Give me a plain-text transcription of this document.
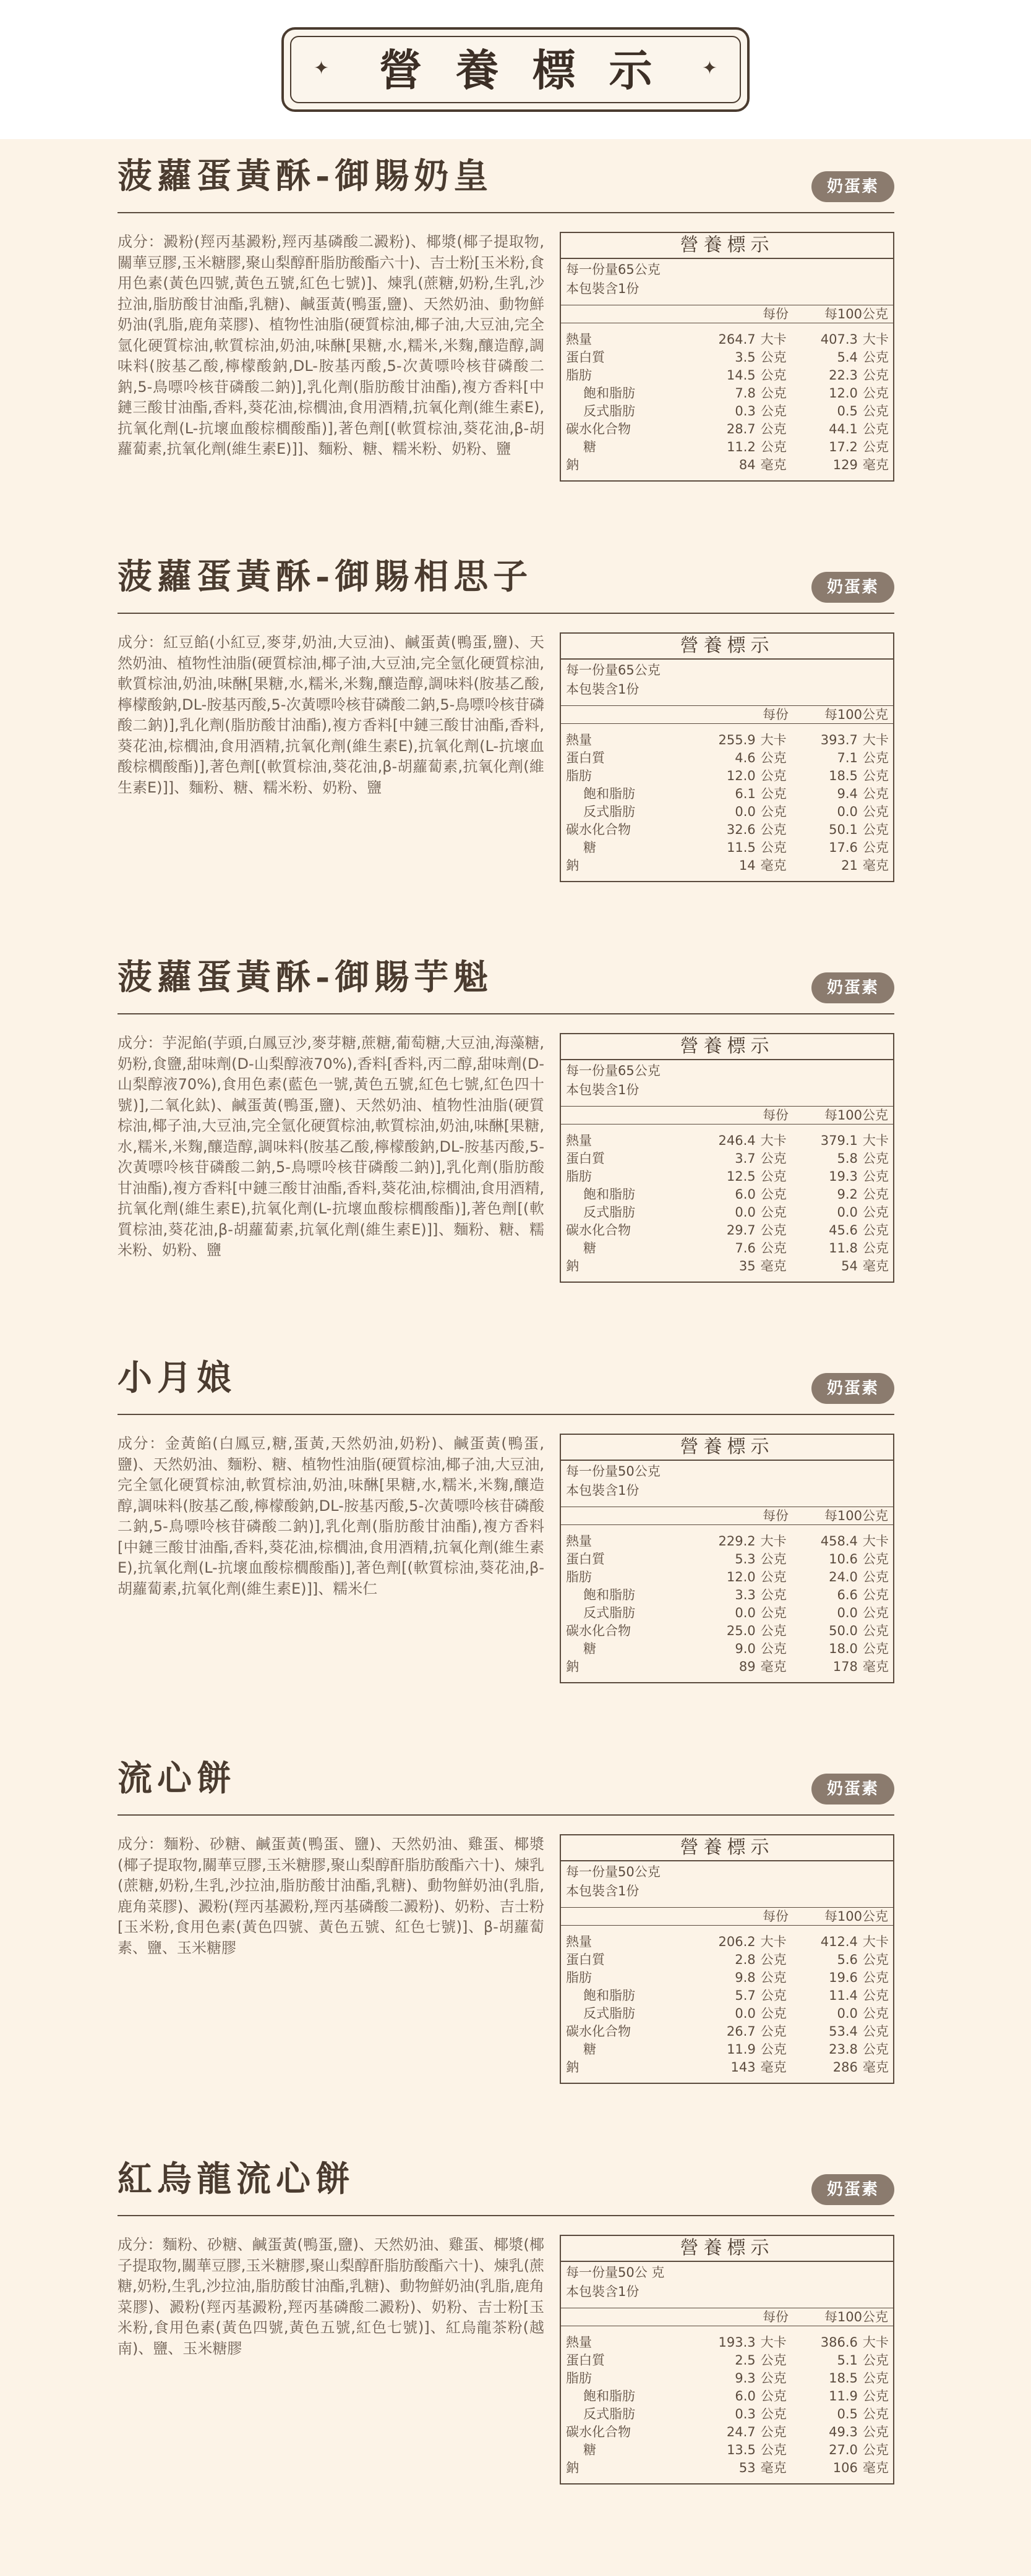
✦	營養標示 ✦
菠蘿蛋黃酥-御賜奶皇	奶蛋素
成分：澱粉(羥丙基澱粉,羥丙基磷酸二澱粉)、椰漿(椰子提取物,關華豆膠,玉米糖膠,聚山梨醇酐脂肪酸酯六十)、吉士粉[玉米粉,食用色素(黃色四號,黃色五號,紅色七號)]、煉乳(蔗糖,奶粉,生乳,沙拉油,脂肪酸甘油酯,乳糖)、鹹蛋黃(鴨蛋,鹽)、天然奶油、動物鮮奶油(乳脂,鹿角菜膠)、植物性油脂(硬質棕油,椰子油,大豆油,完全氫化硬質棕油,軟質棕油,奶油,味醂[果糖,水,糯米,米麴,釀造醇,調味料(胺基乙酸,檸檬酸鈉,DL-胺基丙酸,5-次黃嘌呤核苷磷酸二鈉,5-鳥嘌呤核苷磷酸二鈉)],乳化劑(脂肪酸甘油酯),複方香料[中鏈三酸甘油酯,香料,葵花油,棕櫚油,食用酒精,抗氧化劑(維生素E),抗氧化劑(L-抗壞血酸棕櫚酸酯)],著色劑[(軟質棕油,葵花油,β-胡蘿蔔素,抗氧化劑(維生素E)]]、麵粉、糖、糯米粉、奶粉、鹽
營養標示
每一份量65公克
本包裝含1份
每份	每100公克
熱量	264.7 大卡	407.3 大卡
蛋白質	3.5 公克	5.4 公克
脂肪	14.5 公克	22.3 公克
飽和脂肪	7.8 公克	12.0 公克
反式脂肪	0.3 公克	0.5 公克
碳水化合物	28.7 公克	44.1 公克
糖	11.2 公克	17.2 公克
鈉	84 毫克	129 毫克
菠蘿蛋黃酥-御賜相思子	奶蛋素
成分：紅豆餡(小紅豆,麥芽,奶油,大豆油)、鹹蛋黃(鴨蛋,鹽)、天然奶油、植物性油脂(硬質棕油,椰子油,大豆油,完全氫化硬質棕油,軟質棕油,奶油,味醂[果糖,水,糯米,米麴,釀造醇,調味料(胺基乙酸,檸檬酸鈉,DL-胺基丙酸,5-次黃嘌呤核苷磷酸二鈉,5-鳥嘌呤核苷磷酸二鈉)],乳化劑(脂肪酸甘油酯),複方香料[中鏈三酸甘油酯,香料,葵花油,棕櫚油,食用酒精,抗氧化劑(維生素E),抗氧化劑(L-抗壞血酸棕櫚酸酯)],著色劑[(軟質棕油,葵花油,β-胡蘿蔔素,抗氧化劑(維生素E)]]、麵粉、糖、糯米粉、奶粉、鹽
營養標示
每一份量65公克
本包裝含1份
每份	每100公克
熱量	255.9 大卡	393.7 大卡
蛋白質	4.6 公克	7.1 公克
脂肪	12.0 公克	18.5 公克
飽和脂肪	6.1 公克	9.4 公克
反式脂肪	0.0 公克	0.0 公克
碳水化合物	32.6 公克	50.1 公克
糖	11.5 公克	17.6 公克
鈉	14 毫克	21 毫克
菠蘿蛋黃酥-御賜芋魁	奶蛋素
成分：芋泥餡(芋頭,白鳳豆沙,麥芽糖,蔗糖,葡萄糖,大豆油,海藻糖,奶粉,食鹽,甜味劑(D-山梨醇液70%),香料[香料,丙二醇,甜味劑(D-山梨醇液70%),食用色素(藍色一號,黃色五號,紅色七號,紅色四十號)],二氧化鈦)、鹹蛋黃(鴨蛋,鹽)、天然奶油、植物性油脂(硬質棕油,椰子油,大豆油,完全氫化硬質棕油,軟質棕油,奶油,味醂[果糖,水,糯米,米麴,釀造醇,調味料(胺基乙酸,檸檬酸鈉,DL-胺基丙酸,5-次黃嘌呤核苷磷酸二鈉,5-鳥嘌呤核苷磷酸二鈉)],乳化劑(脂肪酸甘油酯),複方香料[中鏈三酸甘油酯,香料,葵花油,棕櫚油,食用酒精,抗氧化劑(維生素E),抗氧化劑(L-抗壞血酸棕櫚酸酯)],著色劑[(軟質棕油,葵花油,β-胡蘿蔔素,抗氧化劑(維生素E)]]、麵粉、糖、糯米粉、奶粉、鹽
營養標示
每一份量65公克
本包裝含1份
每份	每100公克
熱量	246.4 大卡	379.1 大卡
蛋白質	3.7 公克	5.8 公克
脂肪	12.5 公克	19.3 公克
飽和脂肪	6.0 公克	9.2 公克
反式脂肪	0.0 公克	0.0 公克
碳水化合物	29.7 公克	45.6 公克
糖	7.6 公克	11.8 公克
鈉	35 毫克	54 毫克
小月娘	奶蛋素
成分：金黃餡(白鳳豆,糖,蛋黃,天然奶油,奶粉)、鹹蛋黃(鴨蛋,鹽)、天然奶油、麵粉、糖、植物性油脂(硬質棕油,椰子油,大豆油,完全氫化硬質棕油,軟質棕油,奶油,味醂[果糖,水,糯米,米麴,釀造醇,調味料(胺基乙酸,檸檬酸鈉,DL-胺基丙酸,5-次黃嘌呤核苷磷酸二鈉,5-鳥嘌呤核苷磷酸二鈉)],乳化劑(脂肪酸甘油酯),複方香料[中鏈三酸甘油酯,香料,葵花油,棕櫚油,食用酒精,抗氧化劑(維生素E),抗氧化劑(L-抗壞血酸棕櫚酸酯)],著色劑[(軟質棕油,葵花油,β-胡蘿蔔素,抗氧化劑(維生素E)]]、糯米仁
營養標示
每一份量50公克
本包裝含1份
每份	每100公克
熱量	229.2 大卡	458.4 大卡
蛋白質	5.3 公克	10.6 公克
脂肪	12.0 公克	24.0 公克
飽和脂肪	3.3 公克	6.6 公克
反式脂肪	0.0 公克	0.0 公克
碳水化合物	25.0 公克	50.0 公克
糖	9.0 公克	18.0 公克
鈉	89 毫克	178 毫克
流心餅	奶蛋素
成分：麵粉、砂糖、鹹蛋黃(鴨蛋、鹽)、天然奶油、雞蛋、椰漿(椰子提取物,關華豆膠,玉米糖膠,聚山梨醇酐脂肪酸酯六十)、煉乳(蔗糖,奶粉,生乳,沙拉油,脂肪酸甘油酯,乳糖)、動物鮮奶油(乳脂,鹿角菜膠)、澱粉(羥丙基澱粉,羥丙基磷酸二澱粉)、奶粉、吉士粉[玉米粉,食用色素(黃色四號、黃色五號、紅色七號)]、β-胡蘿蔔素、鹽、玉米糖膠
營養標示
每一份量50公克
本包裝含1份
每份	每100公克
熱量	206.2 大卡	412.4 大卡
蛋白質	2.8 公克	5.6 公克
脂肪	9.8 公克	19.6 公克
飽和脂肪	5.7 公克	11.4 公克
反式脂肪	0.0 公克	0.0 公克
碳水化合物	26.7 公克	53.4 公克
糖	11.9 公克	23.8 公克
鈉	143 毫克	286 毫克
紅烏龍流心餅	奶蛋素
成分：麵粉、砂糖、鹹蛋黃(鴨蛋,鹽)、天然奶油、雞蛋、椰漿(椰子提取物,關華豆膠,玉米糖膠,聚山梨醇酐脂肪酸酯六十)、煉乳(蔗糖,奶粉,生乳,沙拉油,脂肪酸甘油酯,乳糖)、動物鮮奶油(乳脂,鹿角菜膠)、澱粉(羥丙基澱粉,羥丙基磷酸二澱粉)、奶粉、吉士粉[玉米粉,食用色素(黃色四號,黃色五號,紅色七號)]、紅烏龍茶粉(越南)、鹽、玉米糖膠
營養標示
每一份量50公 克
本包裝含1份
每份	每100公克
熱量	193.3 大卡	386.6 大卡
蛋白質	2.5 公克	5.1 公克
脂肪	9.3 公克	18.5 公克
飽和脂肪	6.0 公克	11.9 公克
反式脂肪	0.3 公克	0.5 公克
碳水化合物	24.7 公克	49.3 公克
糖	13.5 公克	27.0 公克
鈉	53 毫克	106 毫克
